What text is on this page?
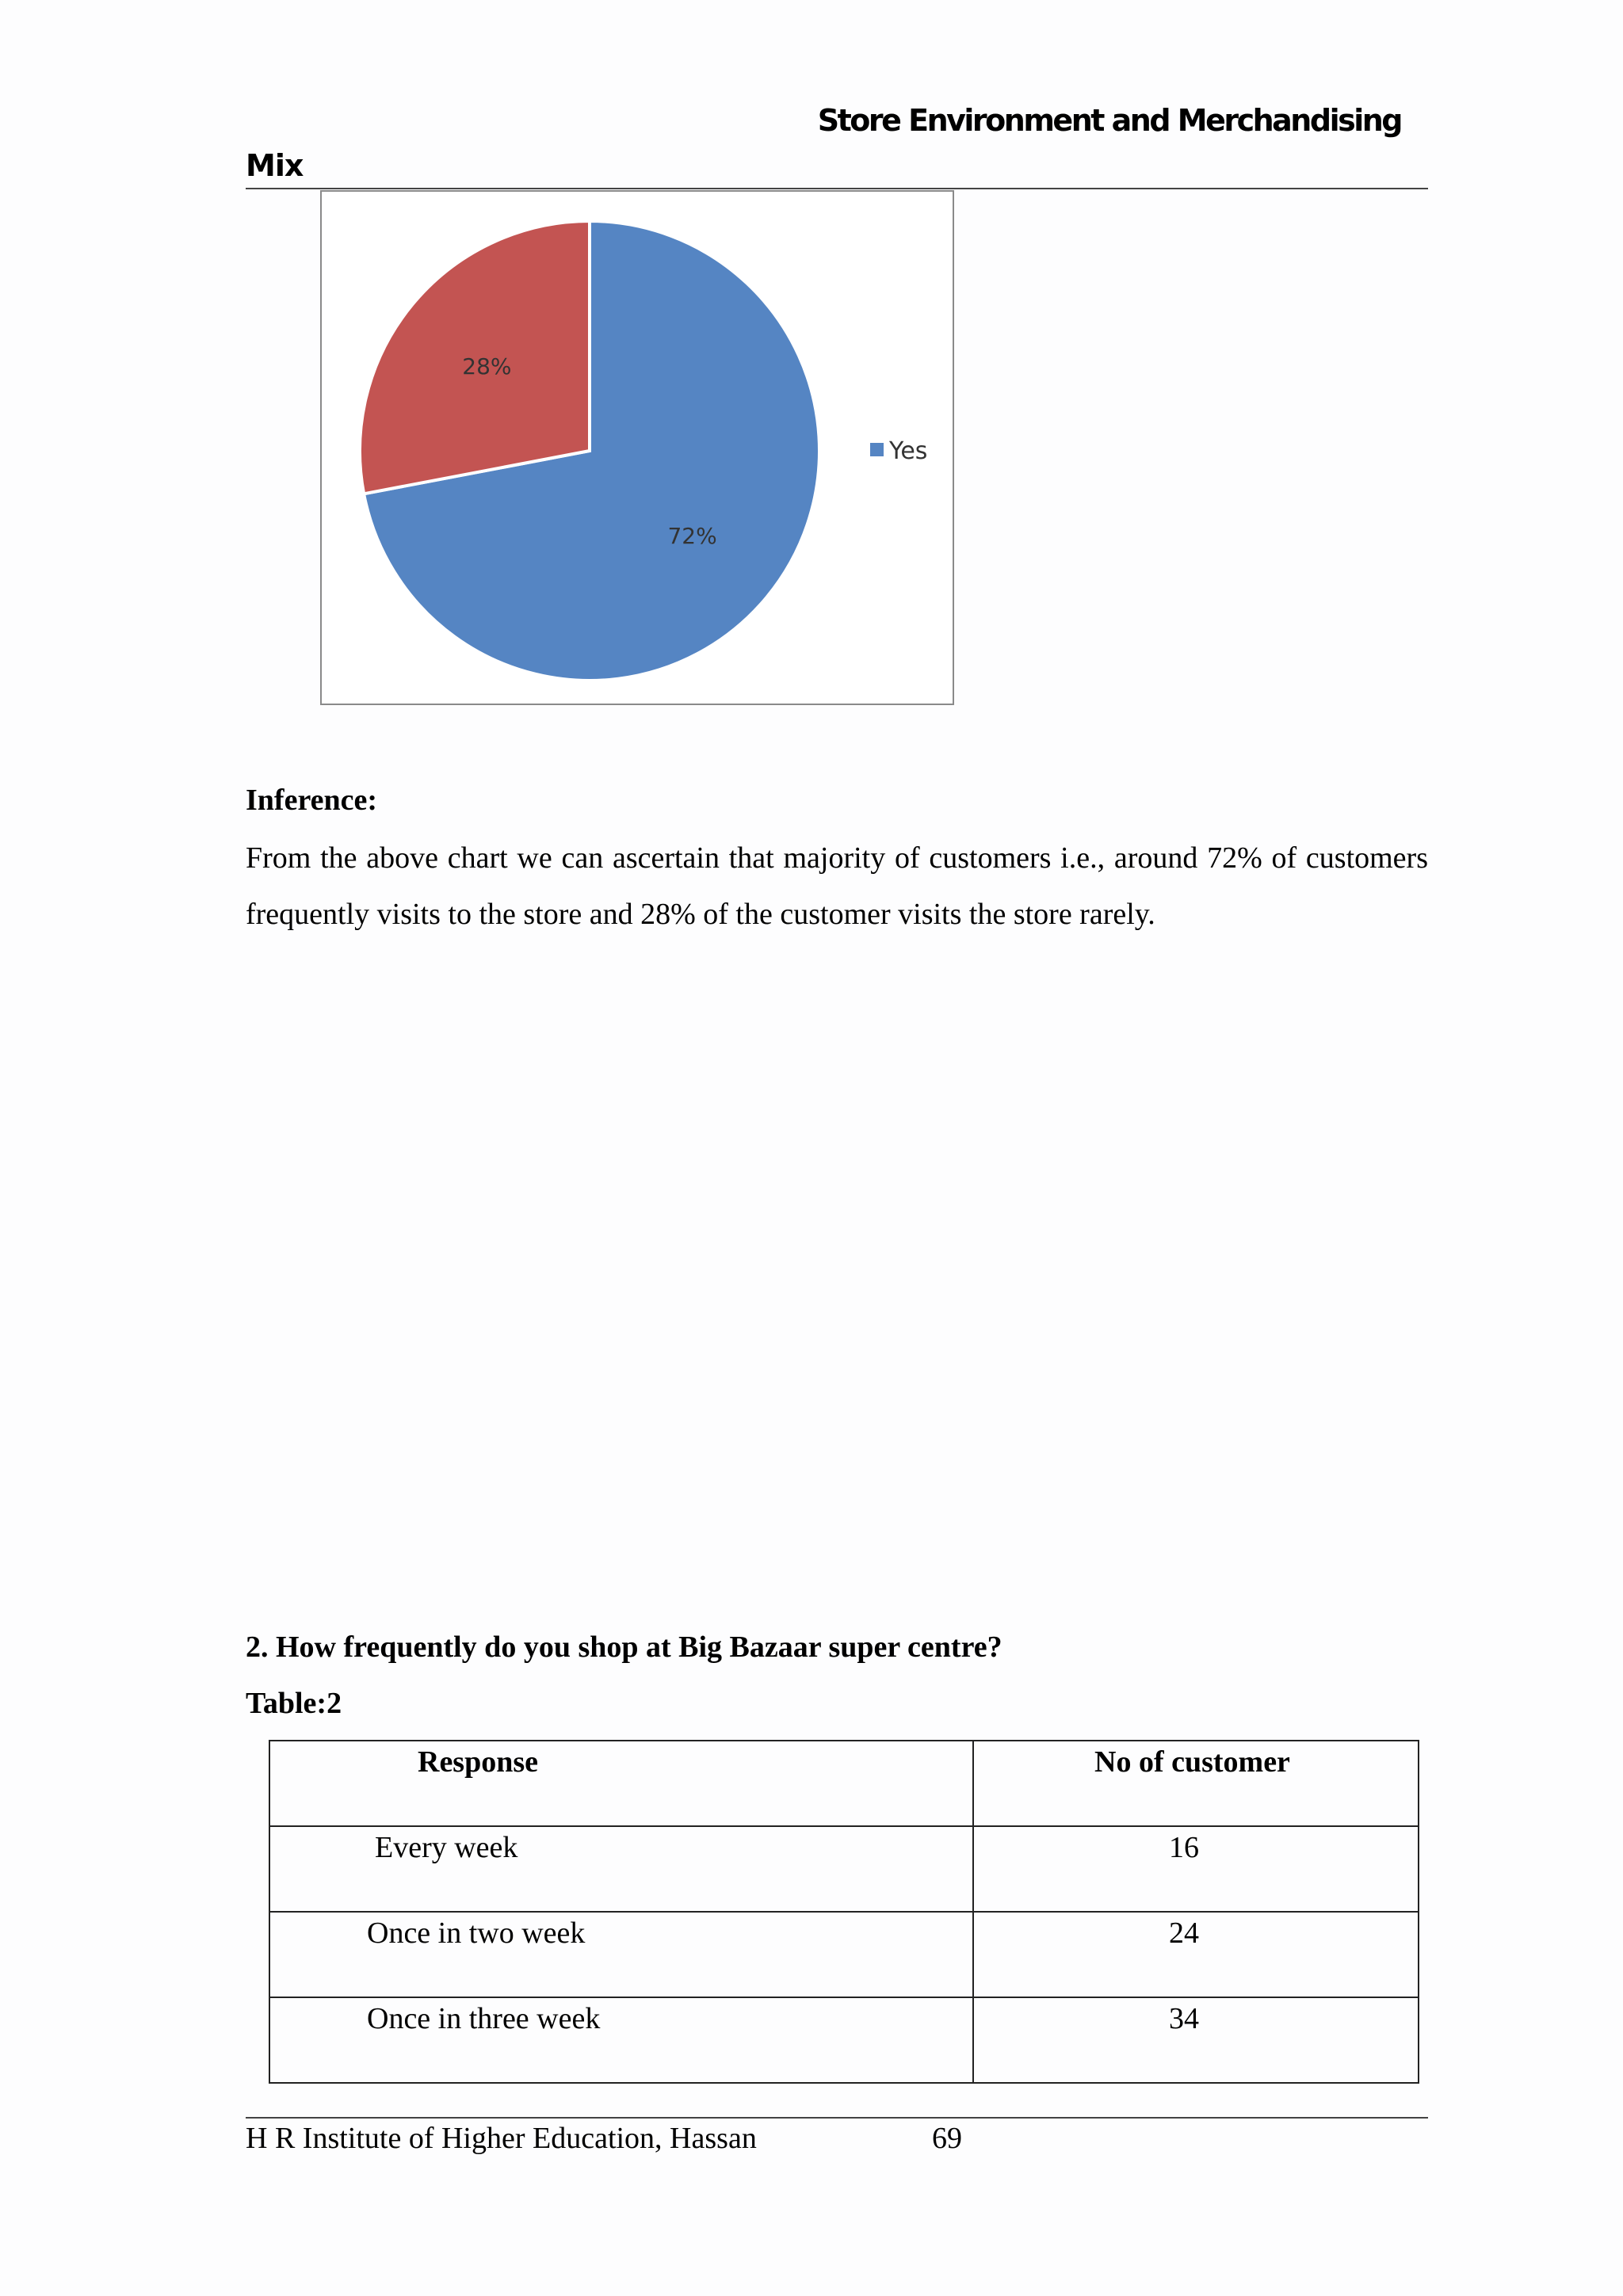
Store Environment and Merchandising
Mix
72%
28%
Yes
Inference:
From the above chart we can ascertain that majority of customers i.e., around 72% of customers frequently visits to the store and 28% of the customer visits the store rarely.
2. How frequently do you shop at Big Bazaar super centre?
Table:2
Response	No of customer
Every week	16
Once in two week	24
Once in three week	34
H R Institute of Higher Education, Hassan	69
